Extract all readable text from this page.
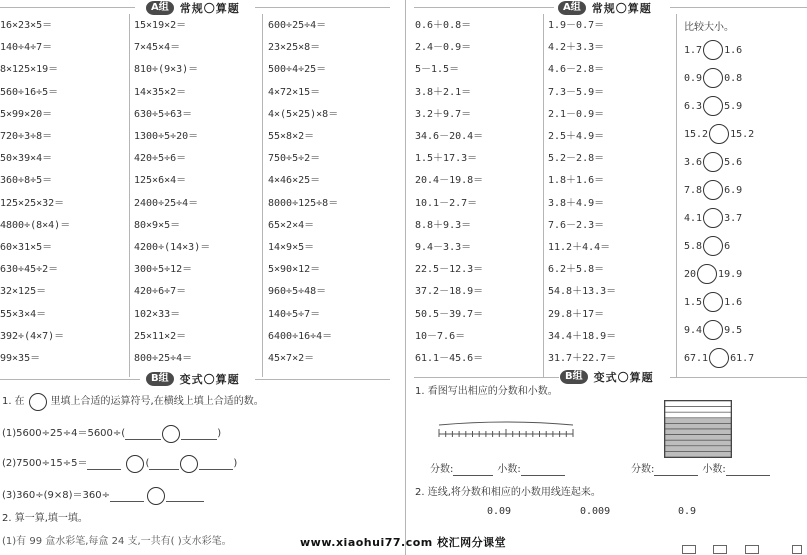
A组	常规〇算题
16×23×5＝
140÷4÷7＝
8×125×19＝
560÷16÷5＝
5×99×20＝
720÷3÷8＝
50×39×4＝
360÷8÷5＝
125×25×32＝
4800÷(8×4)＝
60×31×5＝
630÷45÷2＝
32×125＝
55×3×4＝
392÷(4×7)＝
99×35＝
15×19×2＝
7×45×4＝
810÷(9×3)＝
14×35×2＝
630÷5÷63＝
1300÷5÷20＝
420÷5÷6＝
125×6×4＝
2400÷25÷4＝
80×9×5＝
4200÷(14×3)＝
300÷5÷12＝
420÷6÷7＝
102×33＝
25×11×2＝
800÷25÷4＝
600÷25÷4＝
23×25×8＝
500÷4÷25＝
4×72×15＝
4×(5×25)×8＝
55×8×2＝
750÷5÷2＝
4×46×25＝
8000÷125÷8＝
65×2×4＝
14×9×5＝
5×90×12＝
960÷5÷48＝
140÷5÷7＝
6400÷16÷4＝
45×7×2＝
B组	变式〇算题
1. 在	里填上合适的运算符号,在横线上填上合适的数。
(1)5600÷25÷4＝5600÷(	)
(2)7500÷15÷5＝	(	)
(3)360÷(9×8)＝360÷
2. 算一算,填一填。
(1)有 99 盒水彩笔,每盒 24 支,一共有( )支水彩笔。
A组	常规〇算题
0.6＋0.8＝
2.4－0.9＝
5－1.5＝
3.8＋2.1＝
3.2＋9.7＝
34.6－20.4＝
1.5＋17.3＝
20.4－19.8＝
10.1－2.7＝
8.8＋9.3＝
9.4－3.3＝
22.5－12.3＝
37.2－18.9＝
50.5－39.7＝
10－7.6＝
61.1－45.6＝
1.9－0.7＝
4.2＋3.3＝
4.6－2.8＝
7.3－5.9＝
2.1－0.9＝
2.5＋4.9＝
5.2－2.8＝
1.8＋1.6＝
3.8＋4.9＝
7.6－2.3＝
11.2＋4.4＝
6.2＋5.8＝
54.8＋13.3＝
29.8＋17＝
34.4＋18.9＝
31.7＋22.7＝
比较大小。
1.7 1.6
0.9 0.8
6.3 5.9
15.2 15.2
3.6 5.6
7.8 6.9
4.1 3.7
5.8 6
20 19.9
1.5 1.6
9.4 9.5
67.1 61.7
B组	变式〇算题
1. 看图写出相应的分数和小数。
分数:	小数:	分数:	小数:
2. 连线,将分数和相应的小数用线连起来。
0.09	0.009	0.9
www.xiaohui77.com 校汇网分课堂
